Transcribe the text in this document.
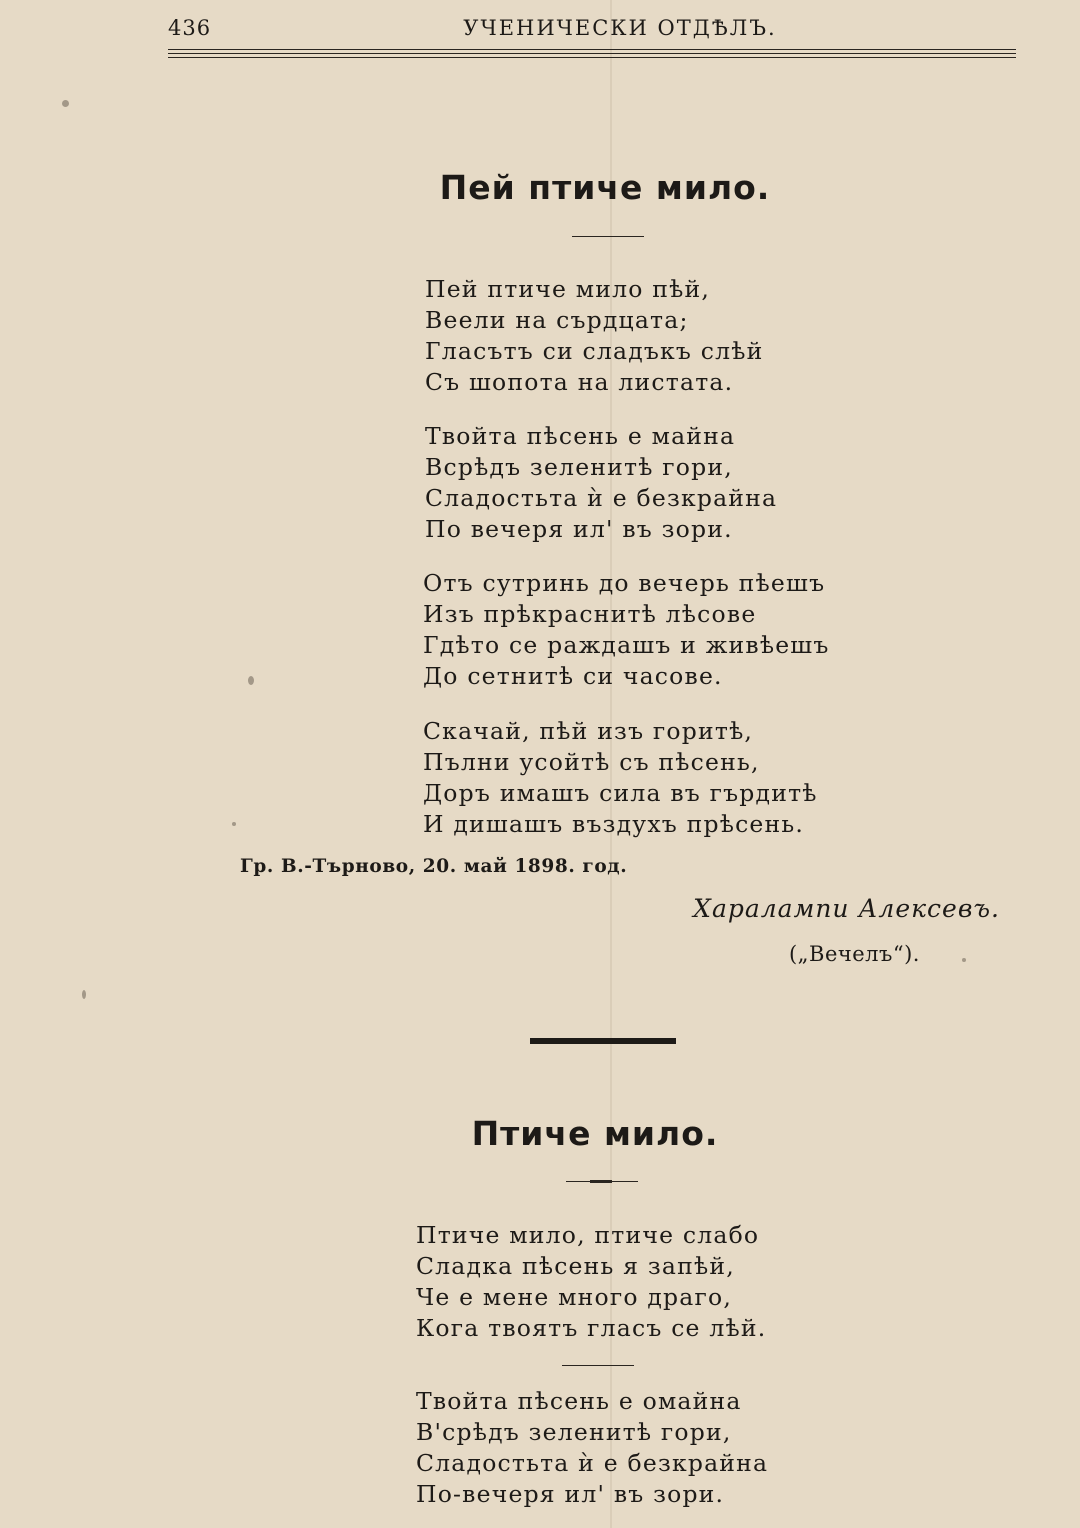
436	УЧЕНИЧЕСКИ ОТДѢЛЪ.
Пей птиче мило.
Пей птиче мило пѣй,
Веели на сърдцата;
Гласътъ си сладъкъ слѣй
Съ шопота на листата.
Твойта пѣсень е майна
Всрѣдъ зеленитѣ гори,
Сладостьта ѝ е безкрайна
По вечеря ил' въ зори.
Отъ сутринь до вечерь пѣешъ
Изъ прѣкраснитѣ лѣсове
Гдѣто се раждашъ и живѣешъ
До сетнитѣ си часове.
Скачай, пѣй изъ горитѣ,
Пълни усойтѣ съ пѣсень,
Доръ имашъ сила въ гърдитѣ
И дишашъ въздухъ прѣсень.
Гр. В.-Търново, 20. май 1898. год.
Харалампи Алексевъ.
(„Вечелъ“).
Птиче мило.
Птиче мило, птиче слабо
Сладка пѣсень я запѣй,
Че е мене много драго,
Кога твоятъ гласъ се лѣй.
Твойта пѣсень е омайна
В'срѣдъ зеленитѣ гори,
Сладостьта ѝ е безкрайна
По-вечеря ил' въ зори.
